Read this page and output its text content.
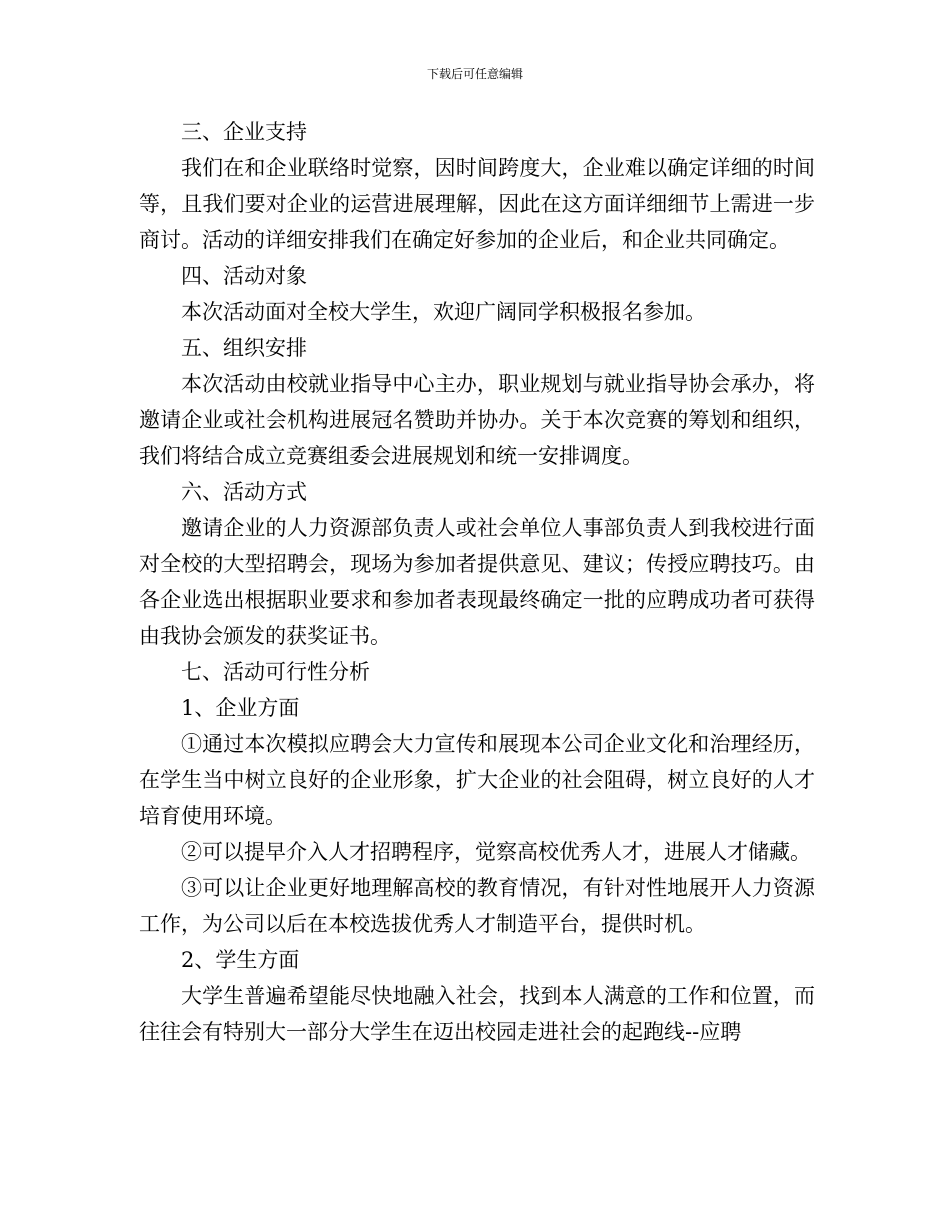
下载后可任意编辑

三、企业支持

我们在和企业联络时觉察，因时间跨度大，企业难以确定详细的时间等，且我们要对企业的运营进展理解，因此在这方面详细细节上需进一步商讨。活动的详细安排我们在确定好参加的企业后，和企业共同确定。

四、活动对象

本次活动面对全校大学生，欢迎广阔同学积极报名参加。

五、组织安排

本次活动由校就业指导中心主办，职业规划与就业指导协会承办，将邀请企业或社会机构进展冠名赞助并协办。关于本次竞赛的筹划和组织，我们将结合成立竞赛组委会进展规划和统一安排调度。

六、活动方式

邀请企业的人力资源部负责人或社会单位人事部负责人到我校进行面对全校的大型招聘会，现场为参加者提供意见、建议；传授应聘技巧。由各企业选出根据职业要求和参加者表现最终确定一批的应聘成功者可获得由我协会颁发的获奖证书。

七、活动可行性分析

1、企业方面

①通过本次模拟应聘会大力宣传和展现本公司企业文化和治理经历，在学生当中树立良好的企业形象，扩大企业的社会阻碍，树立良好的人才培育使用环境。

②可以提早介入人才招聘程序，觉察高校优秀人才，进展人才储藏。

③可以让企业更好地理解高校的教育情况，有针对性地展开人力资源工作，为公司以后在本校选拔优秀人才制造平台，提供时机。

2、学生方面

大学生普遍希望能尽快地融入社会，找到本人满意的工作和位置，而往往会有特别大一部分大学生在迈出校园走进社会的起跑线--应聘
